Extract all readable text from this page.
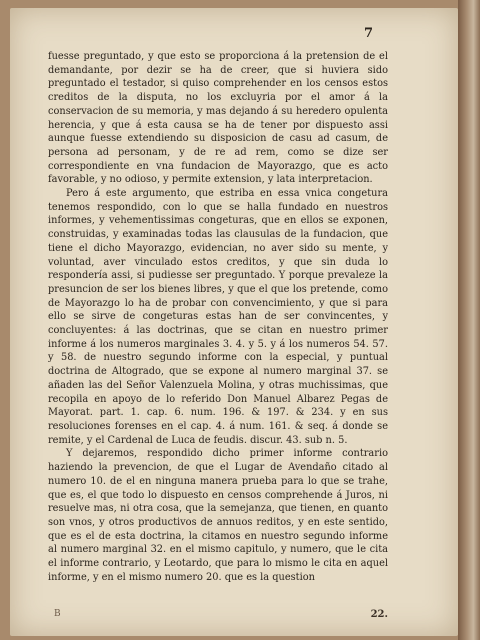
7

fuesse preguntado, y que esto se proporciona á la pretension de el demandante, por dezir se ha de creer, que si huviera sido preguntado el testador, si quiso comprehender en los censos estos creditos de la disputa, no los excluyria por el amor á la conservacion de su memoria, y mas dejando á su heredero opulenta herencia, y que á esta causa se ha de tener por dispuesto assi aunque fuesse extendiendo su disposicion de casu ad casum, de persona ad personam, y de re ad rem, como se dize ser correspondiente en vna fundacion de Mayorazgo, que es acto favorable, y no odioso, y permite extension, y lata interpretacion.

Pero á este argumento, que estriba en essa vnica congetura tenemos respondido, con lo que se halla fundado en nuestros informes, y vehementissimas congeturas, que en ellos se exponen, construidas, y examinadas todas las clausulas de la fundacion, que tiene el dicho Mayorazgo, evidencian, no aver sido su mente, y voluntad, aver vinculado estos creditos, y que sin duda lo respondería assi, si pudiesse ser preguntado. Y porque prevaleze la presuncion de ser los bienes libres, y que el que los pretende, como de Mayorazgo lo ha de probar con convencimiento, y que si para ello se sirve de congeturas estas han de ser convincentes, y concluyentes: á las doctrinas, que se citan en nuestro primer informe á los numeros marginales 3. 4. y 5. y á los numeros 54. 57. y 58. de nuestro segundo informe con la especial, y puntual doctrina de Altogrado, que se expone al numero marginal 37. se añaden las del Señor Valenzuela Molina, y otras muchissimas, que recopila en apoyo de lo referido Don Manuel Albarez Pegas de Mayorat. part. 1. cap. 6. num. 196. & 197. & 234. y en sus resoluciones forenses en el cap. 4. á num. 161. & seq. á donde se remite, y el Cardenal de Luca de feudis. discur. 43. sub n. 5.

Y dejaremos, respondido dicho primer informe contrario haziendo la prevencion, de que el Lugar de Avendaño citado al numero 10. de el en ninguna manera prueba para lo que se trahe, que es, el que todo lo dispuesto en censos comprehende á Juros, ni resuelve mas, ni otra cosa, que la semejanza, que tienen, en quanto son vnos, y otros productivos de annuos reditos, y en este sentido, que es el de esta doctrina, la citamos en nuestro segundo informe al numero marginal 32. en el mismo capitulo, y numero, que le cita el informe contrario, y Leotardo, que para lo mismo le cita en aquel informe, y en el mismo numero 20. que es la question

B	22.
